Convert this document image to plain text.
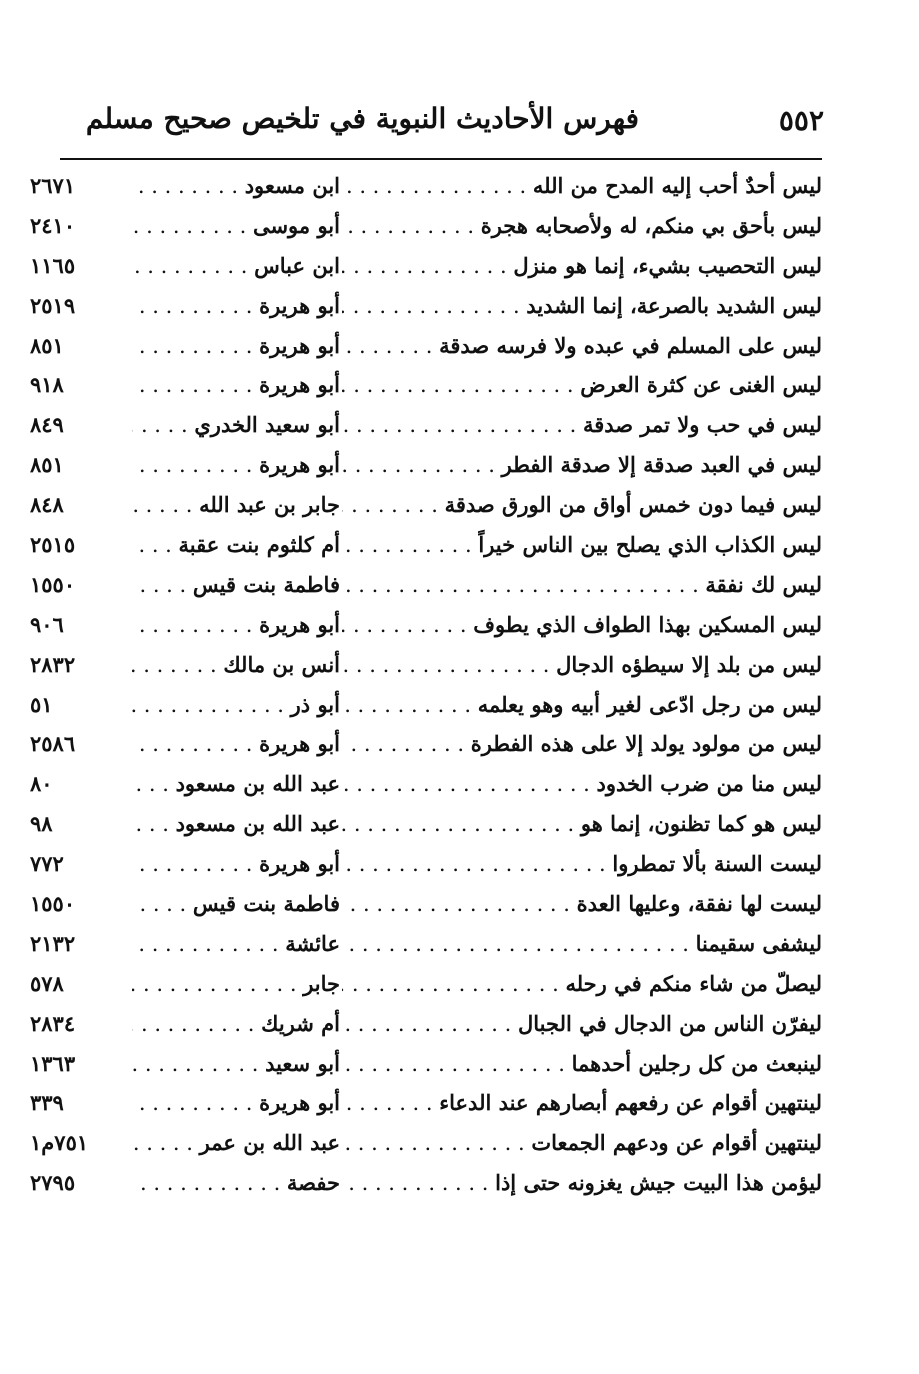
٥٥٢
فهرس الأحاديث النبوية في تلخيص صحيح مسلم
ليس أحدٌ أحب إليه المدح من الله . . .
ابن مسعود . . .
٢٦٧١
ليس بأحق بي منكم، له ولأصحابه هجرة . . .
أبو موسى . . .
٢٤١٠
ليس التحصيب بشيء، إنما هو منزل . . .
ابن عباس . . .
١١٦٥
ليس الشديد بالصرعة، إنما الشديد . . .
أبو هريرة . . .
٢٥١٩
ليس على المسلم في عبده ولا فرسه صدقة . . .
أبو هريرة . . .
٨٥١
ليس الغنى عن كثرة العرض . . .
أبو هريرة . . .
٩١٨
ليس في حب ولا تمر صدقة . . .
أبو سعيد الخدري . . .
٨٤٩
ليس في العبد صدقة إلا صدقة الفطر . . .
أبو هريرة . . .
٨٥١
ليس فيما دون خمس أواق من الورق صدقة . . .
جابر بن عبد الله . . .
٨٤٨
ليس الكذاب الذي يصلح بين الناس خيراً . . .
أم كلثوم بنت عقبة . . .
٢٥١٥
ليس لك نفقة . . .
فاطمة بنت قيس . . .
١٥٥٠
ليس المسكين بهذا الطواف الذي يطوف . . .
أبو هريرة . . .
٩٠٦
ليس من بلد إلا سيطؤه الدجال . . .
أنس بن مالك . . .
٢٨٣٢
ليس من رجل ادّعى لغير أبيه وهو يعلمه . . .
أبو ذر . . .
٥١
ليس من مولود يولد إلا على هذه الفطرة . . .
أبو هريرة . . .
٢٥٨٦
ليس منا من ضرب الخدود . . .
عبد الله بن مسعود . . .
٨٠
ليس هو كما تظنون، إنما هو . . .
عبد الله بن مسعود . . .
٩٨
ليست السنة بألا تمطروا . . .
أبو هريرة . . .
٧٧٢
ليست لها نفقة، وعليها العدة . . .
فاطمة بنت قيس . . .
١٥٥٠
ليشفى سقيمنا . . .
عائشة . . .
٢١٣٢
ليصلّ من شاء منكم في رحله . . .
جابر . . .
٥٧٨
ليفرّن الناس من الدجال في الجبال . . .
أم شريك . . .
٢٨٣٤
لينبعث من كل رجلين أحدهما . . .
أبو سعيد . . .
١٣٦٣
لينتهين أقوام عن رفعهم أبصارهم عند الدعاء . . .
أبو هريرة . . .
٣٣٩
لينتهين أقوام عن ودعهم الجمعات . . .
عبد الله بن عمر . . .
٧٥١م١
ليؤمن هذا البيت جيش يغزونه حتى إذا . . .
حفصة . . .
٢٧٩٥
